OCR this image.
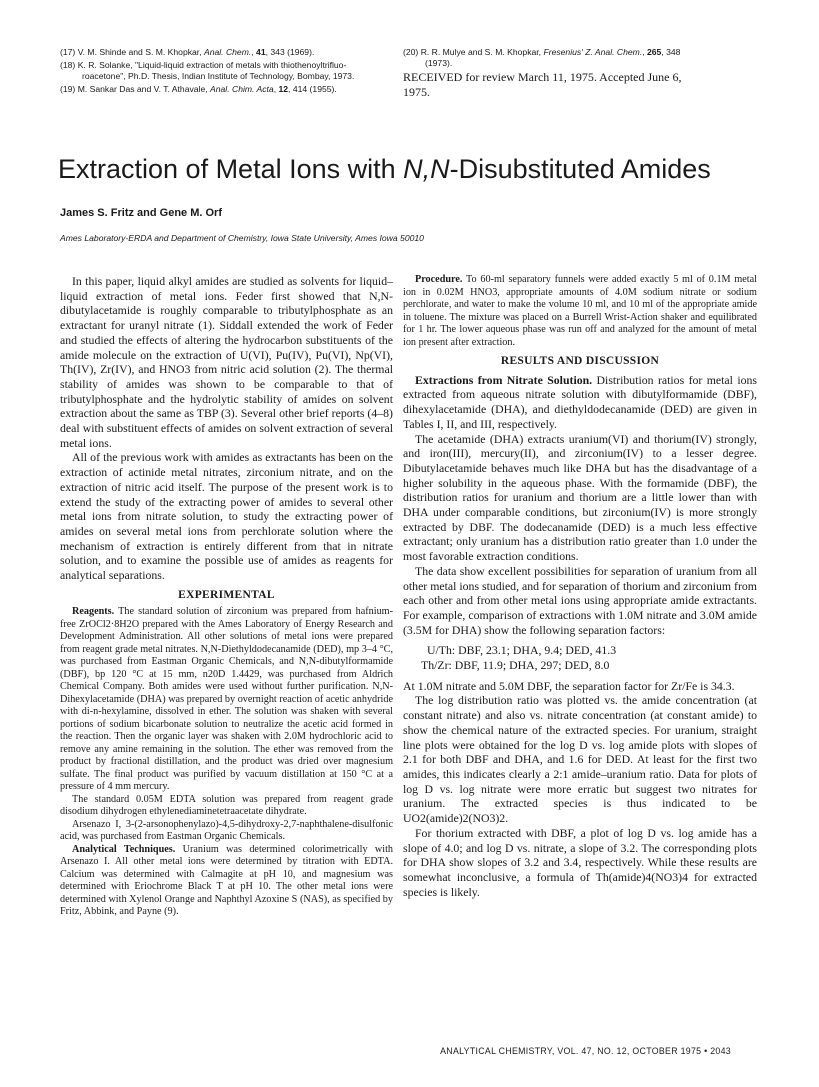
(17) V. M. Shinde and S. M. Khopkar, Anal. Chem., 41, 343 (1969).
(18) K. R. Solanke, "Liquid-liquid extraction of metals with thiothenoyltrifluo-
roacetone", Ph.D. Thesis, Indian Institute of Technology, Bombay, 1973.
(19) M. Sankar Das and V. T. Athavale, Anal. Chim. Acta, 12, 414 (1955).
(20) R. R. Mulye and S. M. Khopkar, Fresenius' Z. Anal. Chem., 265, 348
(1973).
RECEIVED for review March 11, 1975. Accepted June 6,
1975.
Extraction of Metal Ions with N,N-Disubstituted Amides
James S. Fritz and Gene M. Orf
Ames Laboratory-ERDA and Department of Chemistry, Iowa State University, Ames Iowa 50010

In this paper, liquid alkyl amides are studied as solvents for liquid–liquid extraction of metal ions. Feder first showed that N,N-dibutylacetamide is roughly comparable to tributylphosphate as an extractant for uranyl nitrate (1). Siddall extended the work of Feder and studied the effects of altering the hydrocarbon substituents of the amide molecule on the extraction of U(VI), Pu(IV), Pu(VI), Np(VI), Th(IV), Zr(IV), and HNO3 from nitric acid solution (2). The thermal stability of amides was shown to be comparable to that of tributylphosphate and the hydrolytic stability of amides on solvent extraction about the same as TBP (3). Several other brief reports (4–8) deal with substituent effects of amides on solvent extraction of several metal ions.

All of the previous work with amides as extractants has been on the extraction of actinide metal nitrates, zirconium nitrate, and on the extraction of nitric acid itself. The purpose of the present work is to extend the study of the extracting power of amides to several other metal ions from nitrate solution, to study the extracting power of amides on several metal ions from perchlorate solution where the mechanism of extraction is entirely different from that in nitrate solution, and to examine the possible use of amides as reagents for analytical separations.

EXPERIMENTAL

Reagents. The standard solution of zirconium was prepared from hafnium-free ZrOCl2·8H2O prepared with the Ames Laboratory of Energy Research and Development Administration. All other solutions of metal ions were prepared from reagent grade metal nitrates. N,N-Diethyldodecanamide (DED), mp 3–4 °C, was purchased from Eastman Organic Chemicals, and N,N-dibutylformamide (DBF), bp 120 °C at 15 mm, n20D 1.4429, was purchased from Aldrich Chemical Company. Both amides were used without further purification. N,N-Dihexylacetamide (DHA) was prepared by overnight reaction of acetic anhydride with di-n-hexylamine, dissolved in ether. The solution was shaken with several portions of sodium bicarbonate solution to neutralize the acetic acid formed in the reaction. Then the organic layer was shaken with 2.0M hydrochloric acid to remove any amine remaining in the solution. The ether was removed from the product by fractional distillation, and the product was dried over magnesium sulfate. The final product was purified by vacuum distillation at 150 °C at a pressure of 4 mm mercury.

The standard 0.05M EDTA solution was prepared from reagent grade disodium dihydrogen ethylenediaminetetraacetate dihydrate.

Arsenazo I, 3-(2-arsonophenylazo)-4,5-dihydroxy-2,7-naphthalene-disulfonic acid, was purchased from Eastman Organic Chemicals.

Analytical Techniques. Uranium was determined colorimetrically with Arsenazo I. All other metal ions were determined by titration with EDTA. Calcium was determined with Calmagite at pH 10, and magnesium was determined with Eriochrome Black T at pH 10. The other metal ions were determined with Xylenol Orange and Naphthyl Azoxine S (NAS), as specified by Fritz, Abbink, and Payne (9).

Procedure. To 60-ml separatory funnels were added exactly 5 ml of 0.1M metal ion in 0.02M HNO3, appropriate amounts of 4.0M sodium nitrate or sodium perchlorate, and water to make the volume 10 ml, and 10 ml of the appropriate amide in toluene. The mixture was placed on a Burrell Wrist-Action shaker and equilibrated for 1 hr. The lower aqueous phase was run off and analyzed for the amount of metal ion present after extraction.

RESULTS AND DISCUSSION

Extractions from Nitrate Solution. Distribution ratios for metal ions extracted from aqueous nitrate solution with dibutylformamide (DBF), dihexylacetamide (DHA), and diethyldodecanamide (DED) are given in Tables I, II, and III, respectively.

The acetamide (DHA) extracts uranium(VI) and thorium(IV) strongly, and iron(III), mercury(II), and zirconium(IV) to a lesser degree. Dibutylacetamide behaves much like DHA but has the disadvantage of a higher solubility in the aqueous phase. With the formamide (DBF), the distribution ratios for uranium and thorium are a little lower than with DHA under comparable conditions, but zirconium(IV) is more strongly extracted by DBF. The dodecanamide (DED) is a much less effective extractant; only uranium has a distribution ratio greater than 1.0 under the most favorable extraction conditions.

The data show excellent possibilities for separation of uranium from all other metal ions studied, and for separation of thorium and zirconium from each other and from other metal ions using appropriate amide extractants. For example, comparison of extractions with 1.0M nitrate and 3.0M amide (3.5M for DHA) show the following separation factors:

U/Th: DBF, 23.1; DHA, 9.4; DED, 41.3
Th/Zr: DBF, 11.9; DHA, 297; DED, 8.0

At 1.0M nitrate and 5.0M DBF, the separation factor for Zr/Fe is 34.3.

The log distribution ratio was plotted vs. the amide concentration (at constant nitrate) and also vs. nitrate concentration (at constant amide) to show the chemical nature of the extracted species. For uranium, straight line plots were obtained for the log D vs. log amide plots with slopes of 2.1 for both DBF and DHA, and 1.6 for DED. At least for the first two amides, this indicates clearly a 2:1 amide–uranium ratio. Data for plots of log D vs. log nitrate were more erratic but suggest two nitrates for uranium. The extracted species is thus indicated to be UO2(amide)2(NO3)2.

For thorium extracted with DBF, a plot of log D vs. log amide has a slope of 4.0; and log D vs. nitrate, a slope of 3.2. The corresponding plots for DHA show slopes of 3.2 and 3.4, respectively. While these results are somewhat inconclusive, a formula of Th(amide)4(NO3)4 for extracted species is likely.

ANALYTICAL CHEMISTRY, VOL. 47, NO. 12, OCTOBER 1975 • 2043
